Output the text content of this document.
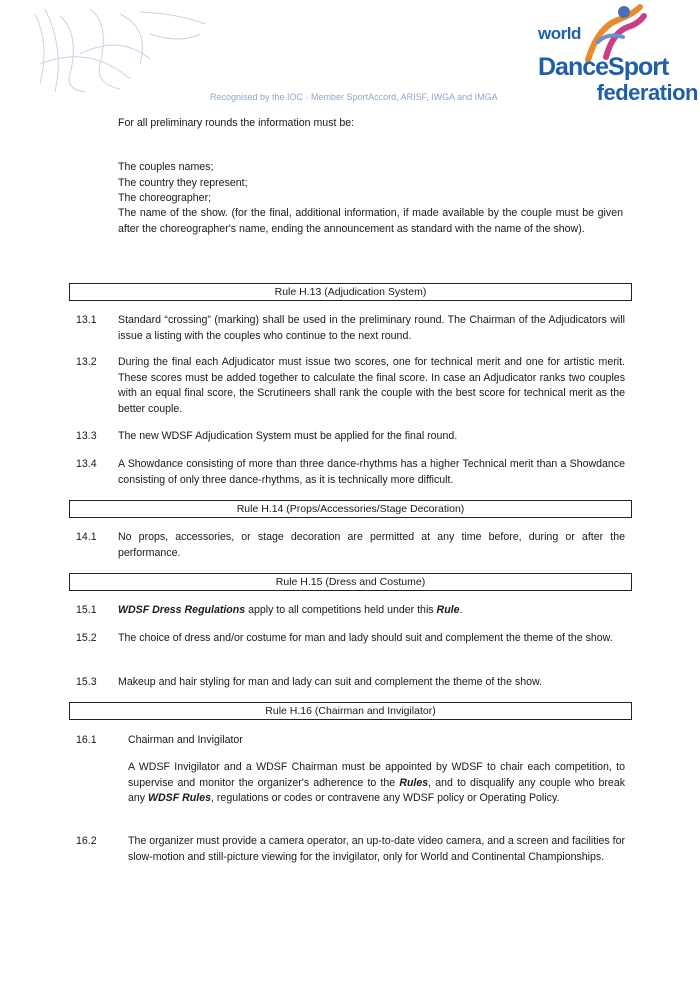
world
DanceSport
federation
Recognised by the IOC · Member SportAccord, ARISF, IWGA and IMGA
For all preliminary rounds the information must be:
The couples names;
The country they represent;
The choreographer;
The name of the show. (for the final, additional information, if made available by the couple must be given after the choreographer's name, ending the announcement as standard with the name of the show).
Rule H.13 (Adjudication System)
13.1 Standard “crossing” (marking) shall be used in the preliminary round. The Chairman of the Adjudicators will issue a listing with the couples who continue to the next round.
13.2 During the final each Adjudicator must issue two scores, one for technical merit and one for artistic merit. These scores must be added together to calculate the final score. In case an Adjudicator ranks two couples with an equal final score, the Scrutineers shall rank the couple with the best score for technical merit as the better couple.
13.3 The new WDSF Adjudication System must be applied for the final round.
13.4 A Showdance consisting of more than three dance-rhythms has a higher Technical merit than a Showdance consisting of only three dance-rhythms, as it is technically more difficult.
Rule H.14 (Props/Accessories/Stage Decoration)
14.1 No props, accessories, or stage decoration are permitted at any time before, during or after the performance.
Rule H.15 (Dress and Costume)
15.1 WDSF Dress Regulations apply to all competitions held under this Rule.
15.2 The choice of dress and/or costume for man and lady should suit and complement the theme of the show.
15.3 Makeup and hair styling for man and lady can suit and complement the theme of the show.
Rule H.16 (Chairman and Invigilator)
16.1	Chairman and Invigilator
A WDSF Invigilator and a WDSF Chairman must be appointed by WDSF to chair each competition, to supervise and monitor the organizer's adherence to the Rules, and to disqualify any couple who break any WDSF Rules, regulations or codes or contravene any WDSF policy or Operating Policy.
16.2	The organizer must provide a camera operator, an up-to-date video camera, and a screen and facilities for slow-motion and still-picture viewing for the invigilator, only for World and Continental Championships.
